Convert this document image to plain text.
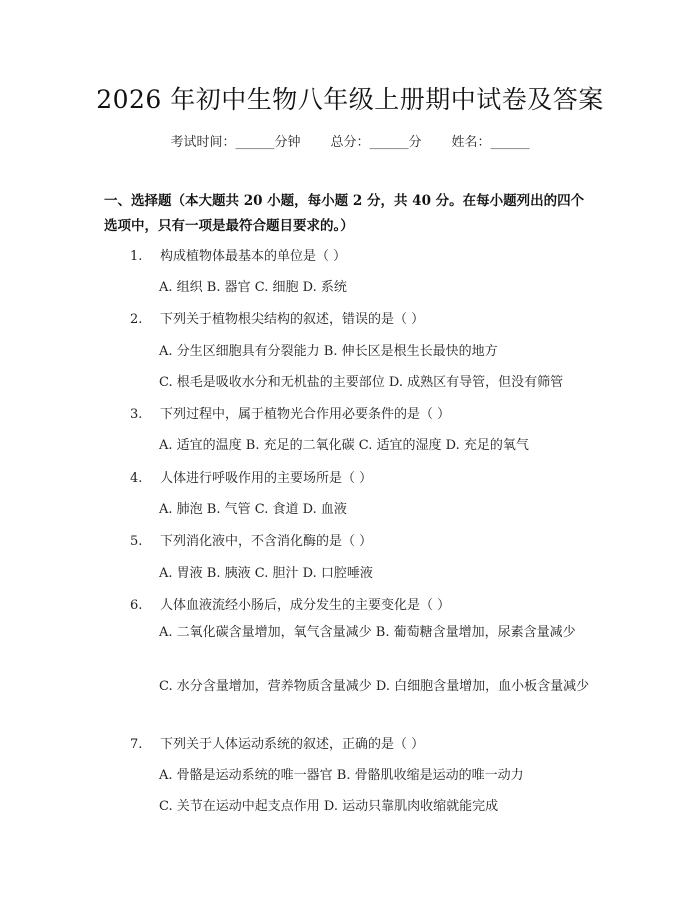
2026 年初中生物八年级上册期中试卷及答案
考试时间：______分钟 总分：______分 姓名：______
一、选择题（本大题共 20 小题，每小题 2 分，共 40 分。在每小题列出的四个选项中，只有一项是最符合题目要求的。）
1. 构成植物体最基本的单位是（ ）
A. 组织 B. 器官 C. 细胞 D. 系统
2. 下列关于植物根尖结构的叙述，错误的是（ ）
A. 分生区细胞具有分裂能力 B. 伸长区是根生长最快的地方
C. 根毛是吸收水分和无机盐的主要部位 D. 成熟区有导管，但没有筛管
3. 下列过程中，属于植物光合作用必要条件的是（ ）
A. 适宜的温度 B. 充足的二氧化碳 C. 适宜的湿度 D. 充足的氧气
4. 人体进行呼吸作用的主要场所是（ ）
A. 肺泡 B. 气管 C. 食道 D. 血液
5. 下列消化液中，不含消化酶的是（ ）
A. 胃液 B. 胰液 C. 胆汁 D. 口腔唾液
6. 人体血液流经小肠后，成分发生的主要变化是（ ）
A. 二氧化碳含量增加，氧气含量减少 B. 葡萄糖含量增加，尿素含量减少
C. 水分含量增加，营养物质含量减少 D. 白细胞含量增加，血小板含量减少
7. 下列关于人体运动系统的叙述，正确的是（ ）
A. 骨骼是运动系统的唯一器官 B. 骨骼肌收缩是运动的唯一动力
C. 关节在运动中起支点作用 D. 运动只靠肌肉收缩就能完成
